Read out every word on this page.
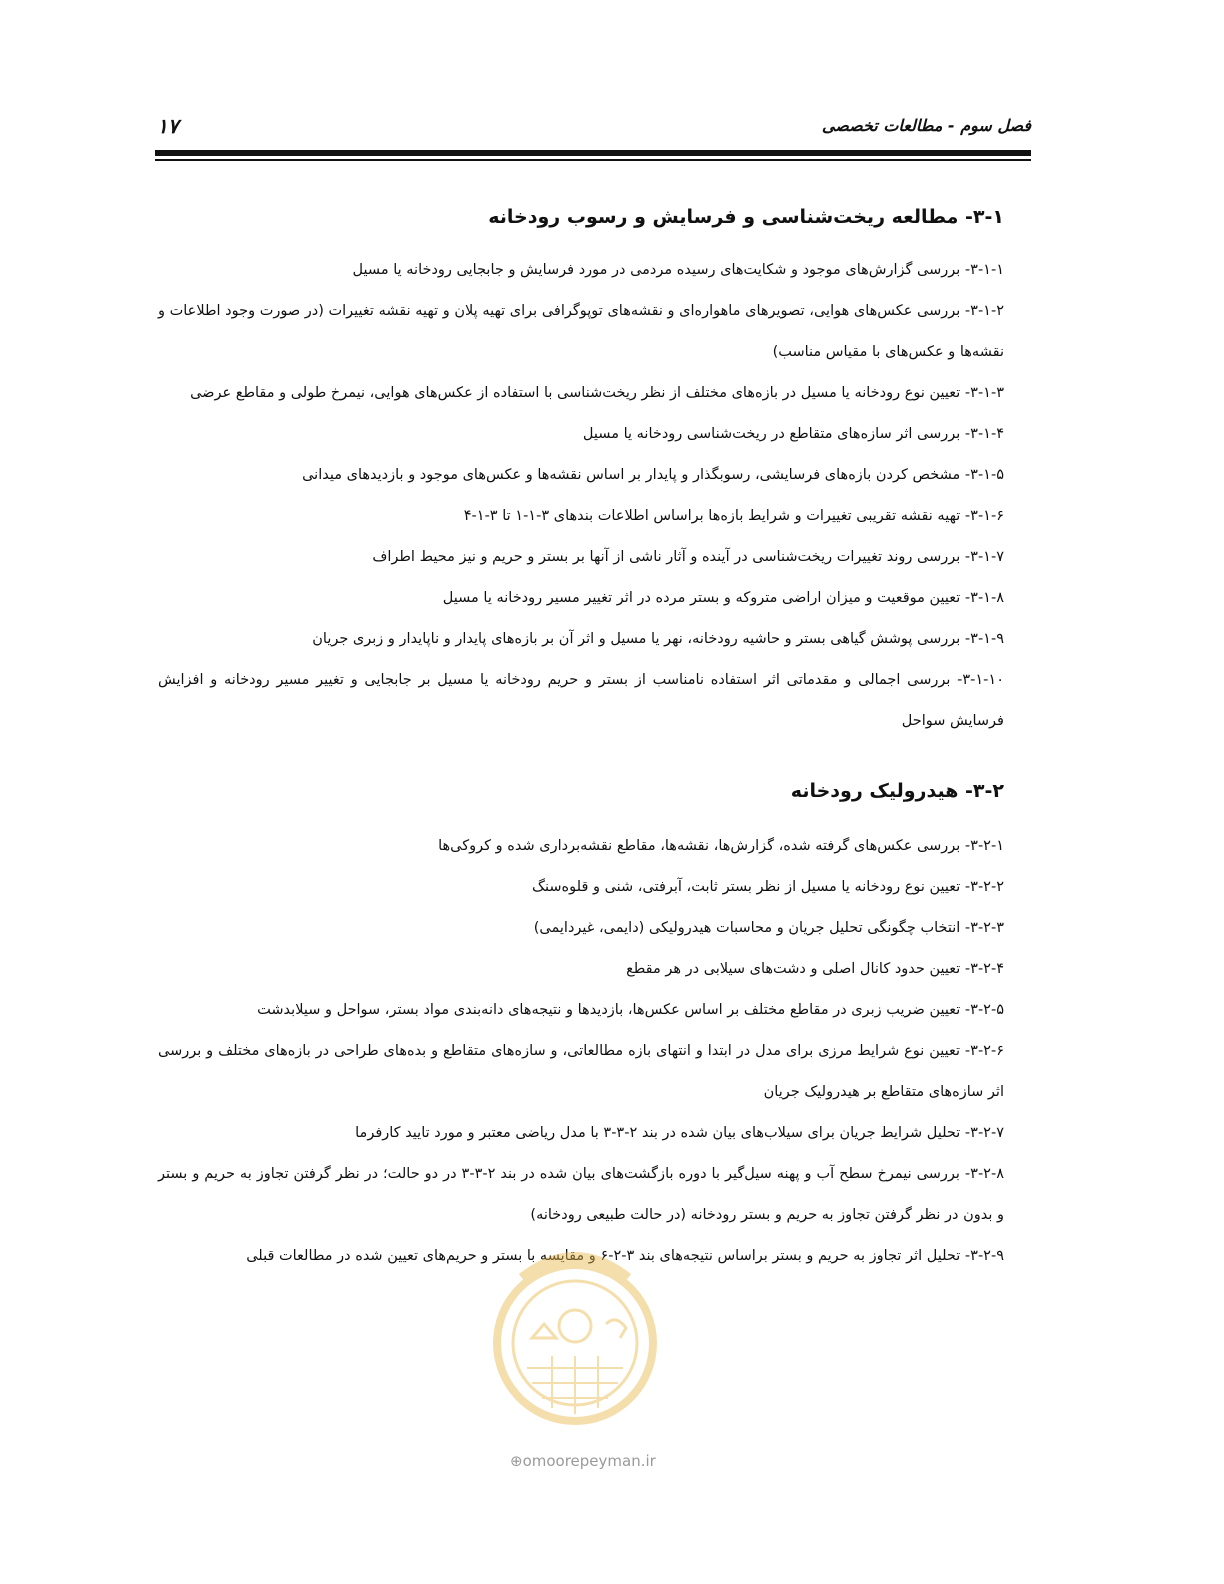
فصل سوم - مطالعات تخصصی
۱۷
۳-۱- مطالعه ریخت‌شناسی و فرسایش و رسوب رودخانه
۳-۱-۱- بررسی گزارش‌های موجود و شکایت‌های رسیده مردمی در مورد فرسایش و جابجایی رودخانه یا مسیل
۳-۱-۲- بررسی عکس‌های هوایی، تصویرهای ماهواره‌ای و نقشه‌های توپوگرافی برای تهیه پلان و تهیه نقشه تغییرات (در صورت وجود اطلاعات و نقشه‌ها و عکس‌های با مقیاس مناسب)
۳-۱-۳- تعیین نوع رودخانه یا مسیل در بازه‌های مختلف از نظر ریخت‌شناسی با استفاده از عکس‌های هوایی، نیمرخ طولی و مقاطع عرضی
۳-۱-۴- بررسی اثر سازه‌های متقاطع در ریخت‌شناسی رودخانه یا مسیل
۳-۱-۵- مشخص کردن بازه‌های فرسایشی، رسوبگذار و پایدار بر اساس نقشه‌ها و عکس‌های موجود و بازدیدهای میدانی
۳-۱-۶- تهیه نقشه تقریبی تغییرات و شرایط بازه‌ها براساس اطلاعات بندهای ۳-۱-۱ تا ۳-۱-۴
۳-۱-۷- بررسی روند تغییرات ریخت‌شناسی در آینده و آثار ناشی از آنها بر بستر و حریم و نیز محیط اطراف
۳-۱-۸- تعیین موقعیت و میزان اراضی متروکه و بستر مرده در اثر تغییر مسیر رودخانه یا مسیل
۳-۱-۹- بررسی پوشش گیاهی بستر و حاشیه رودخانه، نهر یا مسیل و اثر آن بر بازه‌های پایدار و ناپایدار و زبری جریان
۳-۱-۱۰- بررسی اجمالی و مقدماتی اثر استفاده نامناسب از بستر و حریم رودخانه یا مسیل بر جابجایی و تغییر مسیر رودخانه و افزایش فرسایش سواحل
۳-۲- هیدرولیک رودخانه
۳-۲-۱- بررسی عکس‌های گرفته شده، گزارش‌ها، نقشه‌ها، مقاطع نقشه‌برداری شده و کروکی‌ها
۳-۲-۲- تعیین نوع رودخانه یا مسیل از نظر بستر ثابت، آبرفتی، شنی و قلوه‌سنگ
۳-۲-۳- انتخاب چگونگی تحلیل جریان و محاسبات هیدرولیکی (دایمی، غیردایمی)
۳-۲-۴- تعیین حدود کانال اصلی و دشت‌های سیلابی در هر مقطع
۳-۲-۵- تعیین ضریب زبری در مقاطع مختلف بر اساس عکس‌ها، بازدیدها و نتیجه‌های دانه‌بندی مواد بستر، سواحل و سیلابدشت
۳-۲-۶- تعیین نوع شرایط مرزی برای مدل در ابتدا و انتهای بازه مطالعاتی، و سازه‌های متقاطع و بده‌های طراحی در بازه‌های مختلف و بررسی اثر سازه‌های متقاطع بر هیدرولیک جریان
۳-۲-۷- تحلیل شرایط جریان برای سیلاب‌های بیان شده در بند ۲-۳-۳ با مدل ریاضی معتبر و مورد تایید کارفرما
۳-۲-۸- بررسی نیمرخ سطح آب و پهنه سیل‌گیر با دوره بازگشت‌های بیان شده در بند ۲-۳-۳ در دو حالت؛ در نظر گرفتن تجاوز به حریم و بستر و بدون در نظر گرفتن تجاوز به حریم و بستر رودخانه (در حالت طبیعی رودخانه)
۳-۲-۹- تحلیل اثر تجاوز به حریم و بستر براساس نتیجه‌های بند ۳-۲-۶ و مقایسه با بستر و حریم‌های تعیین شده در مطالعات قبلی
⊕omoorepeyman.ir
